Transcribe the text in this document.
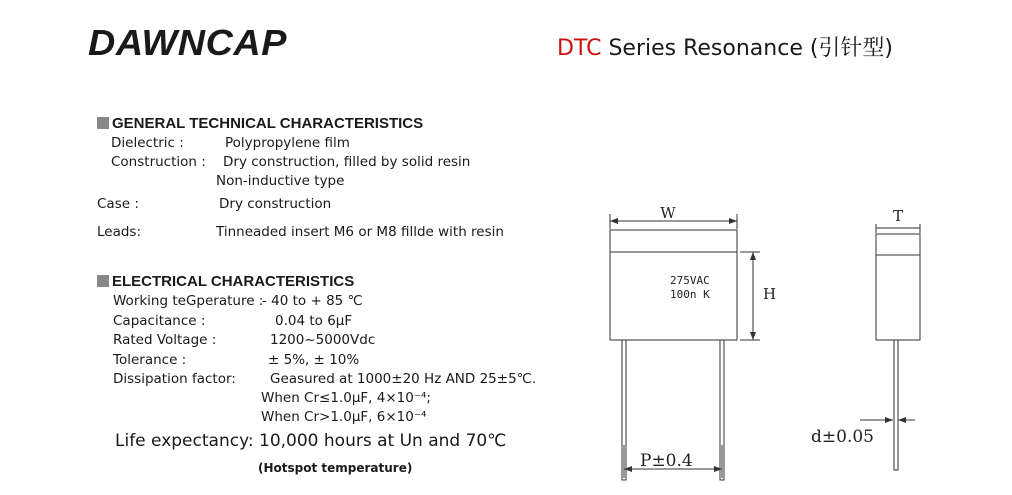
DAWNCAP	DTC Series Resonance (引针型)
GENERAL TECHNICAL CHARACTERISTICS
Dielectric :	Polypropylene film
Construction : Dry construction, filled by solid resin
Non-inductive type
Case :	Dry construction
Leads:	Tinneaded insert M6 or M8 fillde with resin
ELECTRICAL CHARACTERISTICS
Working teGperature :
- 40 to + 85 ℃
Capacitance :	0.04 to 6μF
Rated Voltage :	1200~5000Vdc
Tolerance :	± 5%, ± 10%
Dissipation factor:	Geasured at 1000±20 Hz AND 25±5℃.
When Cr≤1.0μF, 4×10⁻⁴;
When Cr>1.0μF, 6×10⁻⁴
Life expectancy: 10,000 hours at Un and 70℃
(Hotspot temperature)
W
H
T
P±0.4
d±0.05
275VAC
100n K
